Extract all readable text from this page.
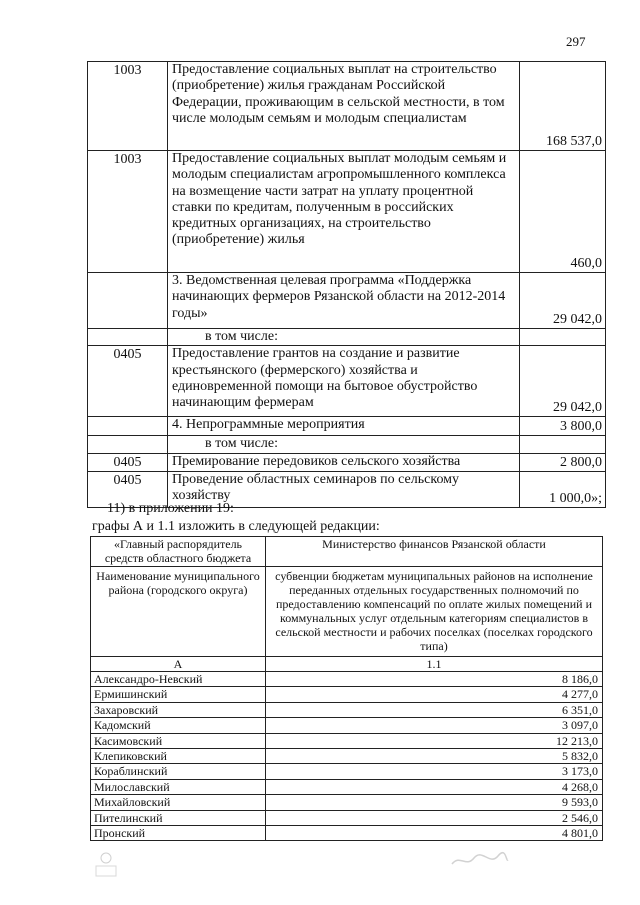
297
1003	Предоставление социальных выплат на строительство (приобретение) жилья гражданам Российской Федерации, проживающим в сельской местности, в том числе молодым семьям и молодым специалистам	168 537,0
1003	Предоставление социальных выплат молодым семьям и молодым специалистам агропромышленного комплекса на возмещение части затрат на уплату процентной ставки по кредитам, полученным в российских кредитных организациях, на строительство (приобретение) жилья	460,0
	3. Ведомственная целевая программа «Поддержка начинающих фермеров Рязанской области на 2012-2014 годы»	29 042,0
	в том числе:	
0405	Предоставление грантов на создание и развитие крестьянского (фермерского) хозяйства и единовременной помощи на бытовое обустройство начинающим фермерам	29 042,0
	4. Непрограммные мероприятия	3 800,0
	в том числе:	
0405	Премирование передовиков сельского хозяйства	2 800,0
0405	Проведение областных семинаров по сельскому хозяйству	1 000,0»;
11) в приложении 19:
графы А и 1.1 изложить в следующей редакции:
«Главный распорядитель средств областного бюджета	Министерство финансов Рязанской области
Наименование муниципального района (городского округа)	субвенции бюджетам муниципальных районов на исполнение переданных отдельных государственных полномочий по предоставлению компенсаций по оплате жилых помещений и коммунальных услуг отдельным категориям специалистов в сельской местности и рабочих поселках (поселках городского типа)
А	1.1
Александро-Невский	8 186,0
Ермишинский	4 277,0
Захаровский	6 351,0
Кадомский	3 097,0
Касимовский	12 213,0
Клепиковский	5 832,0
Кораблинский	3 173,0
Милославский	4 268,0
Михайловский	9 593,0
Пителинский	2 546,0
Пронский	4 801,0
